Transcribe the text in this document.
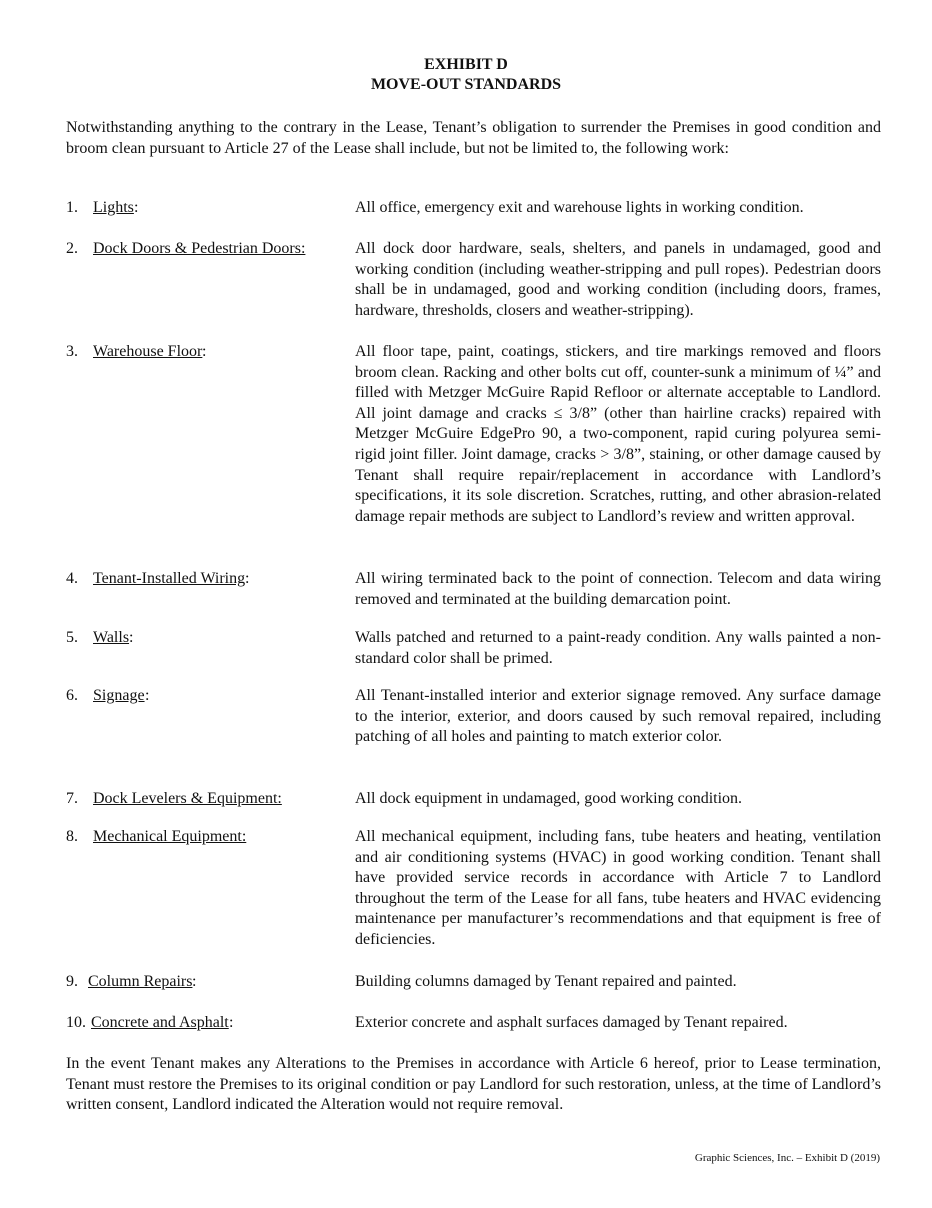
EXHIBIT D
MOVE-OUT STANDARDS
Notwithstanding anything to the contrary in the Lease, Tenant’s obligation to surrender the Premises in good condition and broom clean pursuant to Article 27 of the Lease shall include, but not be limited to, the following work:
1. Lights :	All office, emergency exit and warehouse lights in working condition.
2. Dock Doors & Pedestrian Doors:	All dock door hardware, seals, shelters, and panels in undamaged, good and working condition (including weather-stripping and pull ropes). Pedestrian doors shall be in undamaged, good and working condition (including doors, frames, hardware, thresholds, closers and weather-stripping).
3. Warehouse Floor :	All floor tape, paint, coatings, stickers, and tire markings removed and floors broom clean. Racking and other bolts cut off, counter-sunk a minimum of ¼” and filled with Metzger McGuire Rapid Refloor or alternate acceptable to Landlord. All joint damage and cracks ≤ 3/8” (other than hairline cracks) repaired with Metzger McGuire EdgePro 90, a two-component, rapid curing polyurea semi-rigid joint filler. Joint damage, cracks > 3/8”, staining, or other damage caused by Tenant shall require repair/replacement in accordance with Landlord’s specifications, it its sole discretion. Scratches, rutting, and other abrasion-related damage repair methods are subject to Landlord’s review and written approval.
4. Tenant-Installed Wiring :	All wiring terminated back to the point of connection. Telecom and data wiring removed and terminated at the building demarcation point.
5. Walls :	Walls patched and returned to a paint-ready condition. Any walls painted a non-standard color shall be primed.
6. Signage :	All Tenant-installed interior and exterior signage removed. Any surface damage to the interior, exterior, and doors caused by such removal repaired, including patching of all holes and painting to match exterior color.
7. Dock Levelers & Equipment:	All dock equipment in undamaged, good working condition.
8. Mechanical Equipment:	All mechanical equipment, including fans, tube heaters and heating, ventilation and air conditioning systems (HVAC) in good working condition. Tenant shall have provided service records in accordance with Article 7 to Landlord throughout the term of the Lease for all fans, tube heaters and HVAC evidencing maintenance per manufacturer’s recommendations and that equipment is free of deficiencies.
9. Column Repairs :	Building columns damaged by Tenant repaired and painted.
10. Concrete and Asphalt :	Exterior concrete and asphalt surfaces damaged by Tenant repaired.
In the event Tenant makes any Alterations to the Premises in accordance with Article 6 hereof, prior to Lease termination, Tenant must restore the Premises to its original condition or pay Landlord for such restoration, unless, at the time of Landlord’s written consent, Landlord indicated the Alteration would not require removal.
Graphic Sciences, Inc. – Exhibit D (2019)
